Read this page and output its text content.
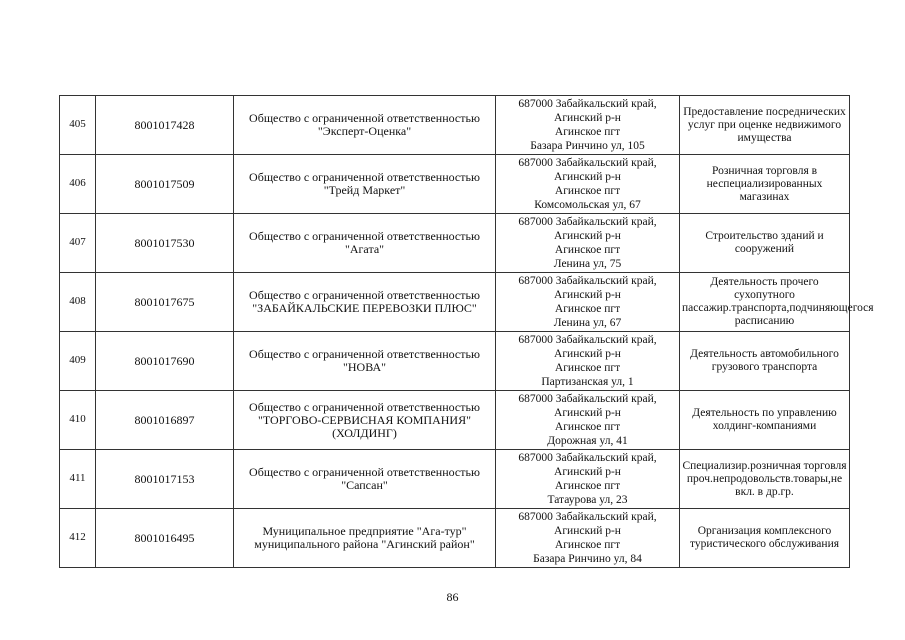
405	8001017428	Общество с ограниченной ответственностью "Эксперт-Оценка"	687000 Забайкальский край,
Агинский р-н
Агинское пгт
Базара Ринчино ул, 105	Предоставление посреднических услуг при оценке недвижимого имущества
406	8001017509	Общество с ограниченной ответственностью "Трейд Маркет"	687000 Забайкальский край,
Агинский р-н
Агинское пгт
Комсомольская ул, 67	Розничная торговля в неспециализированных магазинах
407	8001017530	Общество с ограниченной ответственностью "Агата"	687000 Забайкальский край,
Агинский р-н
Агинское пгт
Ленина ул, 75	Строительство зданий и сооружений
408	8001017675	Общество с ограниченной ответственностью "ЗАБАЙКАЛЬСКИЕ ПЕРЕВОЗКИ ПЛЮС"	687000 Забайкальский край,
Агинский р-н
Агинское пгт
Ленина ул, 67	Деятельность прочего сухопутного пассажир.транспорта,подчиняющегося расписанию
409	8001017690	Общество с ограниченной ответственностью "НОВА"	687000 Забайкальский край,
Агинский р-н
Агинское пгт
Партизанская ул, 1	Деятельность автомобильного грузового транспорта
410	8001016897	Общество с ограниченной ответственностью "ТОРГОВО-СЕРВИСНАЯ КОМПАНИЯ" (ХОЛДИНГ)	687000 Забайкальский край,
Агинский р-н
Агинское пгт
Дорожная ул, 41	Деятельность по управлению холдинг-компаниями
411	8001017153	Общество с ограниченной ответственностью "Сапсан"	687000 Забайкальский край,
Агинский р-н
Агинское пгт
Татаурова ул, 23	Специализир.розничная торговля проч.непродовольств.товары,не вкл. в др.гр.
412	8001016495	Муниципальное предприятие "Ага-тур" муниципального района "Агинский район"	687000 Забайкальский край,
Агинский р-н
Агинское пгт
Базара Ринчино ул, 84	Организация комплексного туристического обслуживания
86
